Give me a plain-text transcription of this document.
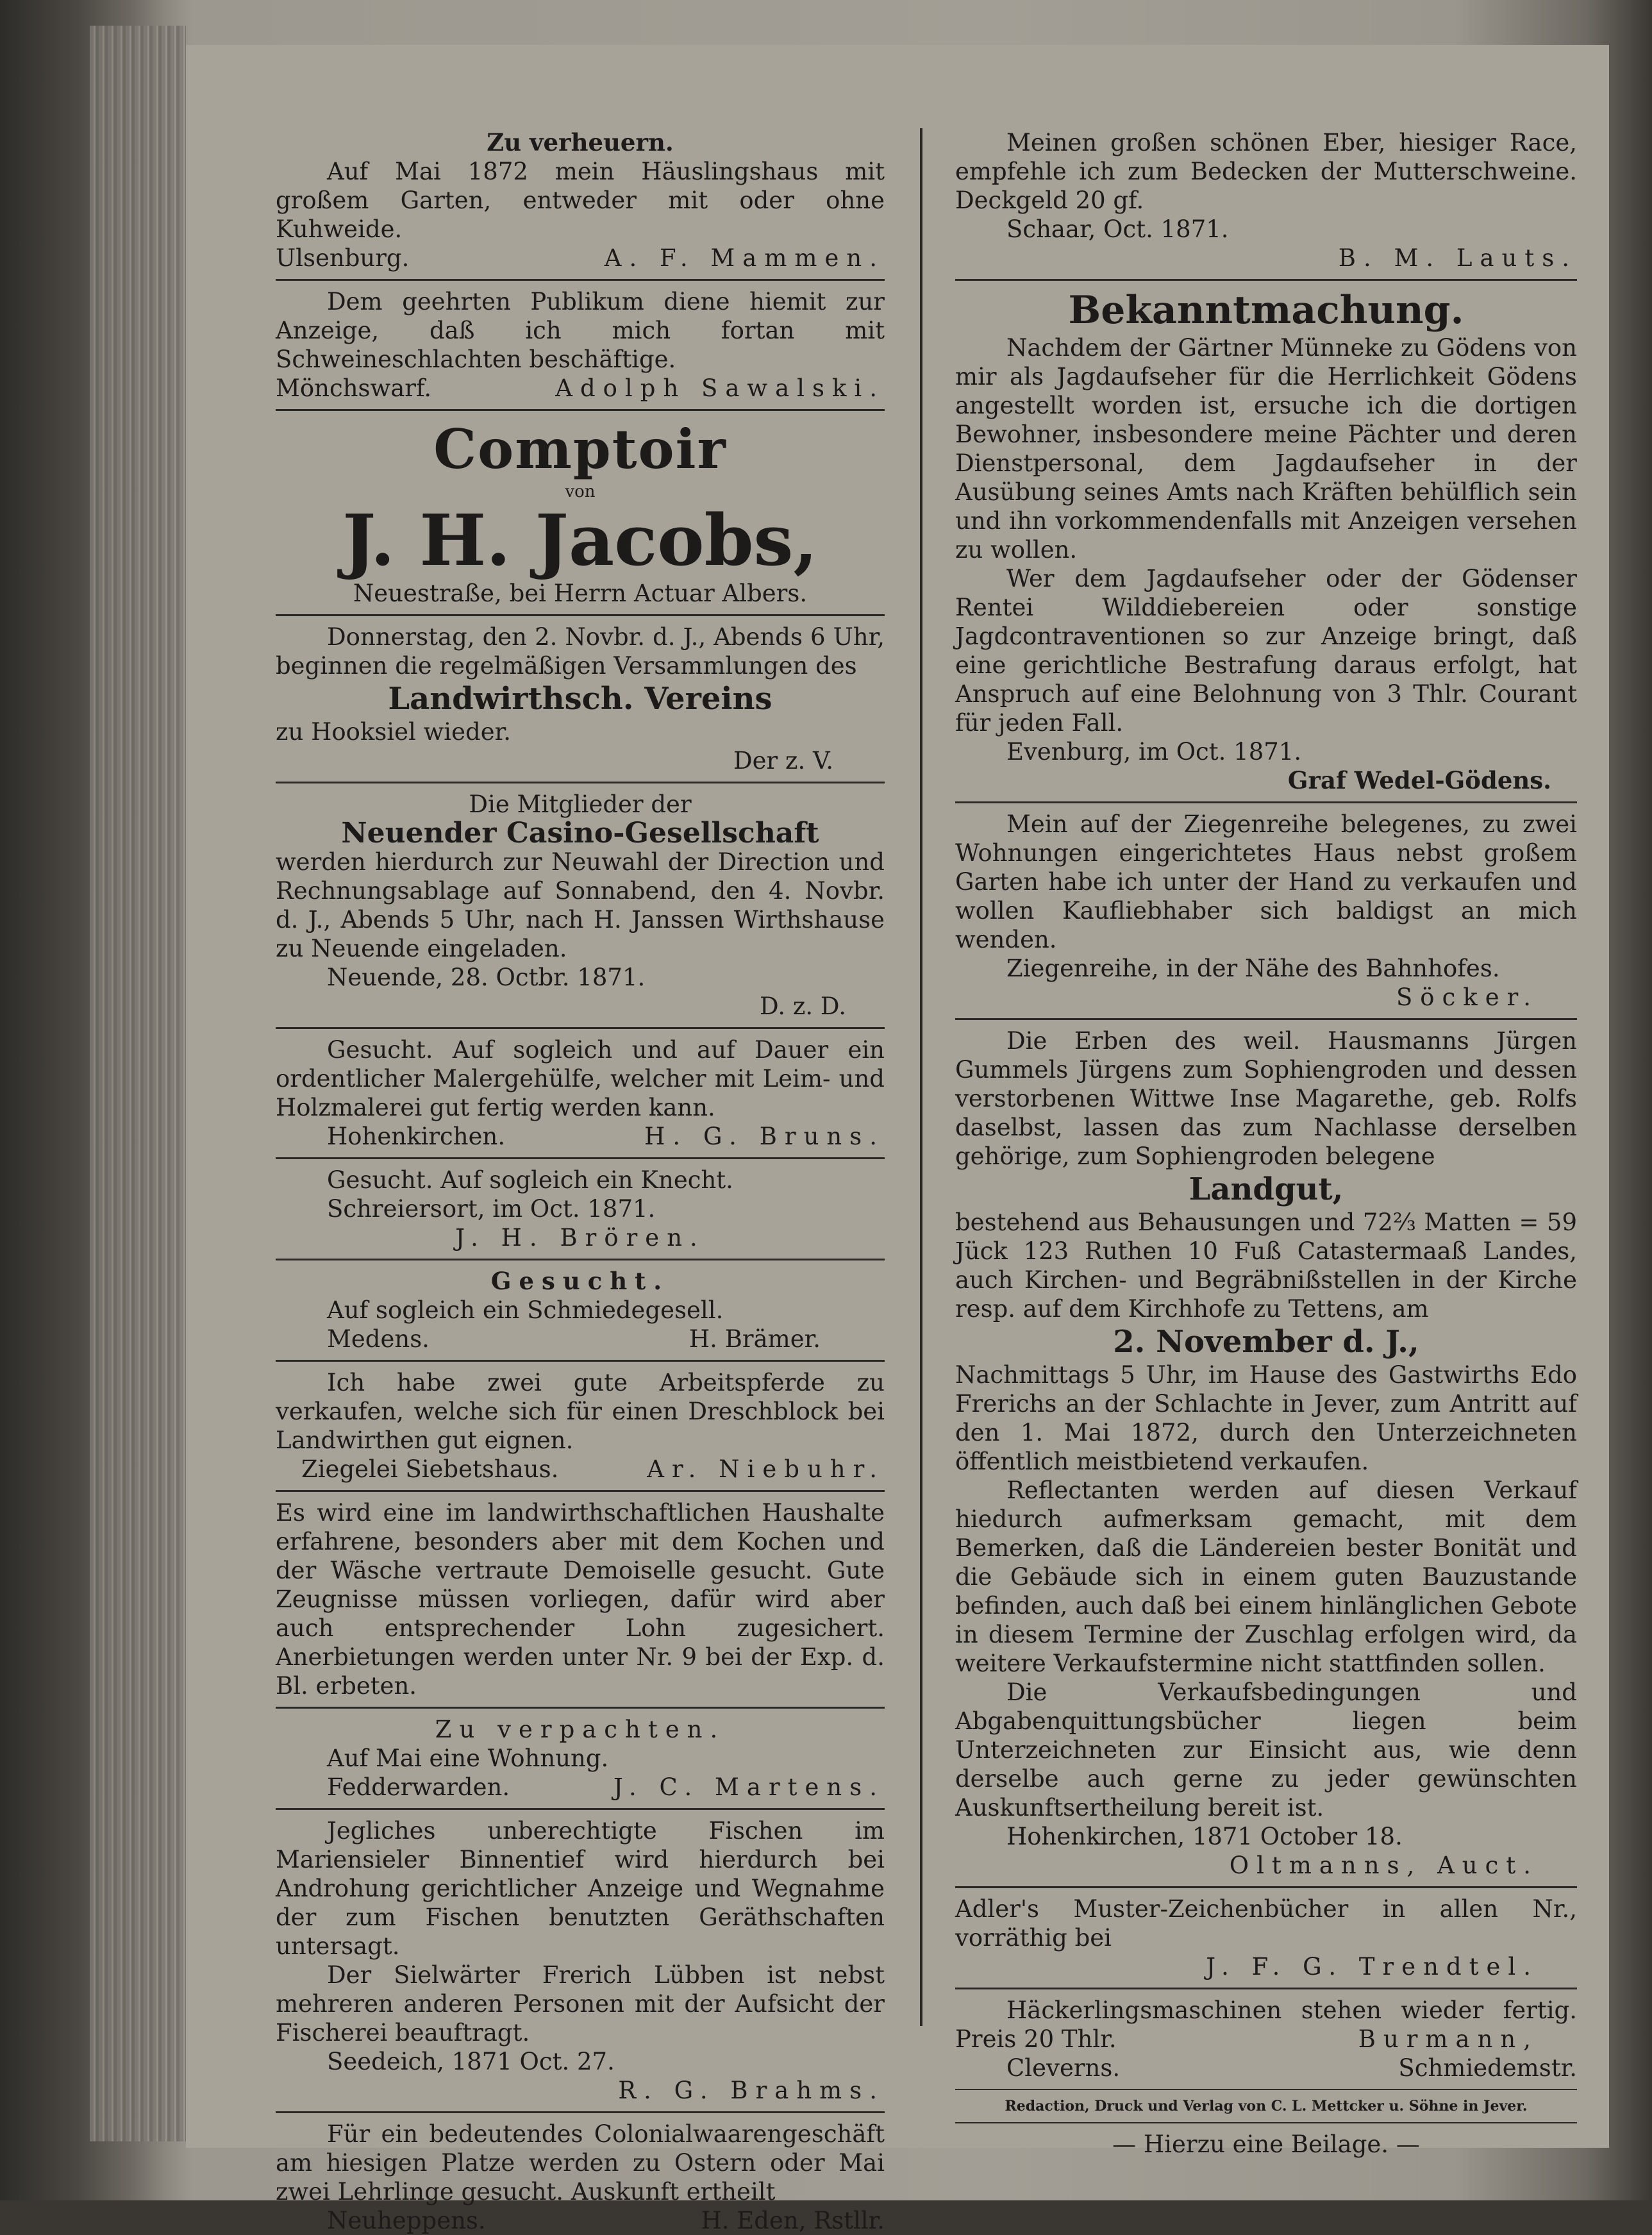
Zu verheuern.
Auf Mai 1872 mein Häuslingshaus mit großem Garten, entweder mit oder ohne Kuhweide.
Ulsenburg.	A. F. Mammen.
Dem geehrten Publikum diene hiemit zur Anzeige, daß ich mich fortan mit Schweineschlachten beschäftige.
Mönchswarf.	Adolph Sawalski.
Comptoir
von
J. H. Jacobs,
Neuestraße, bei Herrn Actuar Albers.
Donnerstag, den 2. Novbr. d. J., Abends 6 Uhr, beginnen die regelmäßigen Versammlungen des
Landwirthsch. Vereins
zu Hooksiel wieder.
Der z. V.
Die Mitglieder der
Neuender Casino-Gesellschaft
werden hierdurch zur Neuwahl der Direction und Rechnungsablage auf Sonnabend, den 4. Novbr. d. J., Abends 5 Uhr, nach H. Janssen Wirthshause zu Neuende eingeladen.
Neuende, 28. Octbr. 1871.
D. z. D.
Gesucht. Auf sogleich und auf Dauer ein ordentlicher Malergehülfe, welcher mit Leim- und Holzmalerei gut fertig werden kann.
Hohenkirchen.	H. G. Bruns.
Gesucht. Auf sogleich ein Knecht.
Schreiersort, im Oct. 1871.
J. H. Brören.
Gesucht.
Auf sogleich ein Schmiedegesell.
Medens.	H. Brämer.
Ich habe zwei gute Arbeitspferde zu verkaufen, welche sich für einen Dreschblock bei Landwirthen gut eignen.
Ziegelei Siebetshaus.	Ar. Niebuhr.
Es wird eine im landwirthschaftlichen Haushalte erfahrene, besonders aber mit dem Kochen und der Wäsche vertraute Demoiselle gesucht. Gute Zeugnisse müssen vorliegen, dafür wird aber auch entsprechender Lohn zugesichert. Anerbietungen werden unter Nr. 9 bei der Exp. d. Bl. erbeten.
Zu verpachten.
Auf Mai eine Wohnung.
Fedderwarden.	J. C. Martens.
Jegliches unberechtigte Fischen im Mariensieler Binnentief wird hierdurch bei Androhung gerichtlicher Anzeige und Wegnahme der zum Fischen benutzten Geräthschaften untersagt.
Der Sielwärter Frerich Lübben ist nebst mehreren anderen Personen mit der Aufsicht der Fischerei beauftragt.
Seedeich, 1871 Oct. 27.
R. G. Brahms.
Für ein bedeutendes Colonialwaarengeschäft am hiesigen Platze werden zu Ostern oder Mai zwei Lehrlinge gesucht. Auskunft ertheilt
Neuheppens.	H. Eden, Rstllr.
Meinen großen schönen Eber, hiesiger Race, empfehle ich zum Bedecken der Mutterschweine. Deckgeld 20 gf.
Schaar, Oct. 1871.
B. M. Lauts.
Bekanntmachung.
Nachdem der Gärtner Münneke zu Gödens von mir als Jagdaufseher für die Herrlichkeit Gödens angestellt worden ist, ersuche ich die dortigen Bewohner, insbesondere meine Pächter und deren Dienstpersonal, dem Jagdaufseher in der Ausübung seines Amts nach Kräften behülflich sein und ihn vorkommendenfalls mit Anzeigen versehen zu wollen.
Wer dem Jagdaufseher oder der Gödenser Rentei Wilddiebereien oder sonstige Jagdcontraventionen so zur Anzeige bringt, daß eine gerichtliche Bestrafung daraus erfolgt, hat Anspruch auf eine Belohnung von 3 Thlr. Courant für jeden Fall.
Evenburg, im Oct. 1871.
Graf Wedel-Gödens.
Mein auf der Ziegenreihe belegenes, zu zwei Wohnungen eingerichtetes Haus nebst großem Garten habe ich unter der Hand zu verkaufen und wollen Kaufliebhaber sich baldigst an mich wenden.
Ziegenreihe, in der Nähe des Bahnhofes.
Söcker.
Die Erben des weil. Hausmanns Jürgen Gummels Jürgens zum Sophiengroden und dessen verstorbenen Wittwe Inse Magarethe, geb. Rolfs daselbst, lassen das zum Nachlasse derselben gehörige, zum Sophiengroden belegene
Landgut,
bestehend aus Behausungen und 72⅔ Matten = 59 Jück 123 Ruthen 10 Fuß Catastermaaß Landes, auch Kirchen- und Begräbnißstellen in der Kirche resp. auf dem Kirchhofe zu Tettens, am
2. November d. J.,
Nachmittags 5 Uhr, im Hause des Gastwirths Edo Frerichs an der Schlachte in Jever, zum Antritt auf den 1. Mai 1872, durch den Unterzeichneten öffentlich meistbietend verkaufen.
Reflectanten werden auf diesen Verkauf hiedurch aufmerksam gemacht, mit dem Bemerken, daß die Ländereien bester Bonität und die Gebäude sich in einem guten Bauzustande befinden, auch daß bei einem hinlänglichen Gebote in diesem Termine der Zuschlag erfolgen wird, da weitere Verkaufstermine nicht stattfinden sollen.
Die Verkaufsbedingungen und Abgabenquittungsbücher liegen beim Unterzeichneten zur Einsicht aus, wie denn derselbe auch gerne zu jeder gewünschten Auskunftsertheilung bereit ist.
Hohenkirchen, 1871 October 18.
Oltmanns, Auct.
Adler's Muster-Zeichenbücher in allen Nr., vorräthig bei
J. F. G. Trendtel.
Häckerlingsmaschinen stehen wieder fertig. Preis 20 Thlr.	Burmann,
Cleverns.	Schmiedemstr.
Redaction, Druck und Verlag von C. L. Mettcker u. Söhne in Jever.
— Hierzu eine Beilage. —
